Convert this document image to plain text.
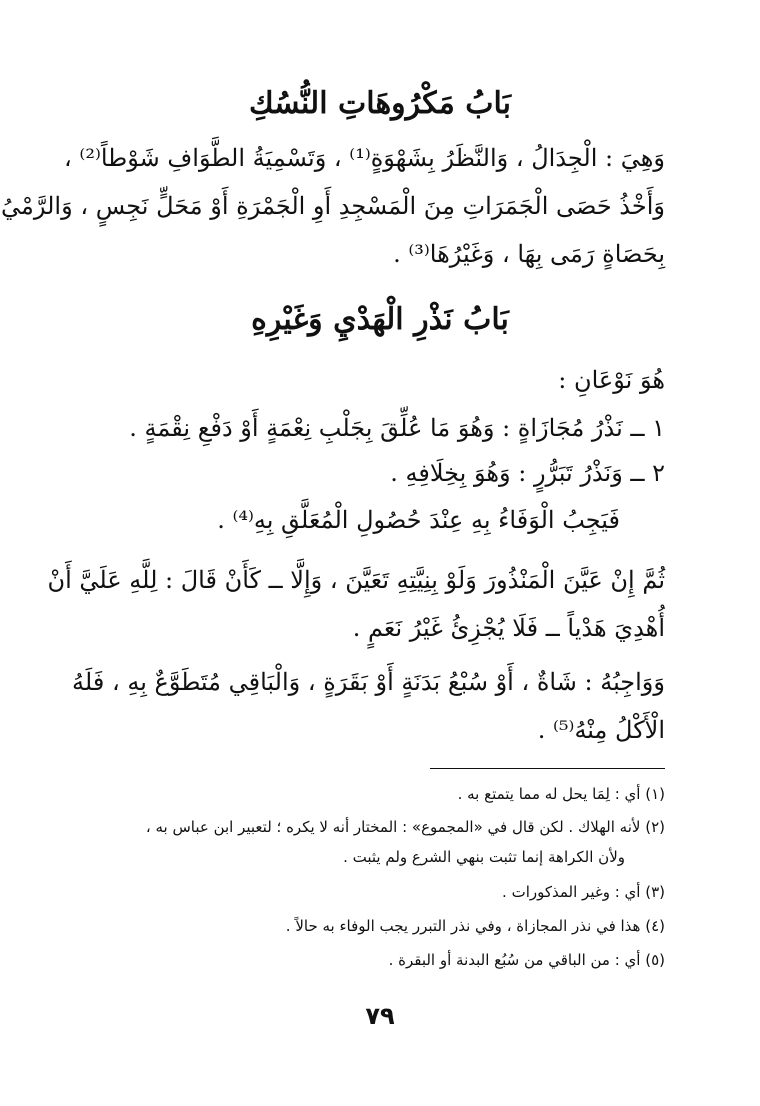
بَابُ مَكْرُوهَاتِ النُّسُكِ
وَهِيَ : الْجِدَالُ ، وَالنَّظَرُ بِشَهْوَةٍ⁽¹⁾ ، وَتَسْمِيَةُ الطَّوَافِ شَوْطاً⁽²⁾ ،
وَأَخْذُ حَصَى الْجَمَرَاتِ مِنَ الْمَسْجِدِ أَوِ الْجَمْرَةِ أَوْ مَحَلٍّ نَجِسٍ ، وَالرَّمْيُ
بِحَصَاةٍ رَمَى بِهَا ، وَغَيْرُهَا⁽³⁾ .
بَابُ نَذْرِ الْهَدْيِ وَغَيْرِهِ
هُوَ نَوْعَانِ :
١ ــ نَذْرُ مُجَازَاةٍ : وَهُوَ مَا عُلِّقَ بِجَلْبِ نِعْمَةٍ أَوْ دَفْعِ نِقْمَةٍ .
٢ ــ وَنَذْرُ تَبَرُّرٍ : وَهُوَ بِخِلَافِهِ .
فَيَجِبُ الْوَفَاءُ بِهِ عِنْدَ حُصُولِ الْمُعَلَّقِ بِهِ⁽⁴⁾ .
ثُمَّ إِنْ عَيَّنَ الْمَنْذُورَ وَلَوْ بِنِيَّتِهِ تَعَيَّنَ ، وَإِلَّا ــ كَأَنْ قَالَ : لِلَّهِ عَلَيَّ أَنْ
أُهْدِيَ هَدْياً ــ فَلَا يُجْزِئُ غَيْرُ نَعَمٍ .
وَوَاجِبُهُ : شَاةٌ ، أَوْ سُبْعُ بَدَنَةٍ أَوْ بَقَرَةٍ ، وَالْبَاقِي مُتَطَوَّعٌ بِهِ ، فَلَهُ
الْأَكْلُ مِنْهُ⁽⁵⁾ .
(١) أي : لِمَا يحل له مما يتمتع به .
(٢) لأنه الهلاك . لكن قال في «المجموع» : المختار أنه لا يكره ؛ لتعبير ابن عباس به ،
ولأن الكراهة إنما تثبت بنهي الشرع ولم يثبت .
(٣) أي : وغير المذكورات .
(٤) هذا في نذر المجازاة ، وفي نذر التبرر يجب الوفاء به حالاً .
(٥) أي : من الباقي من سُبُع البدنة أو البقرة .
٧٩
